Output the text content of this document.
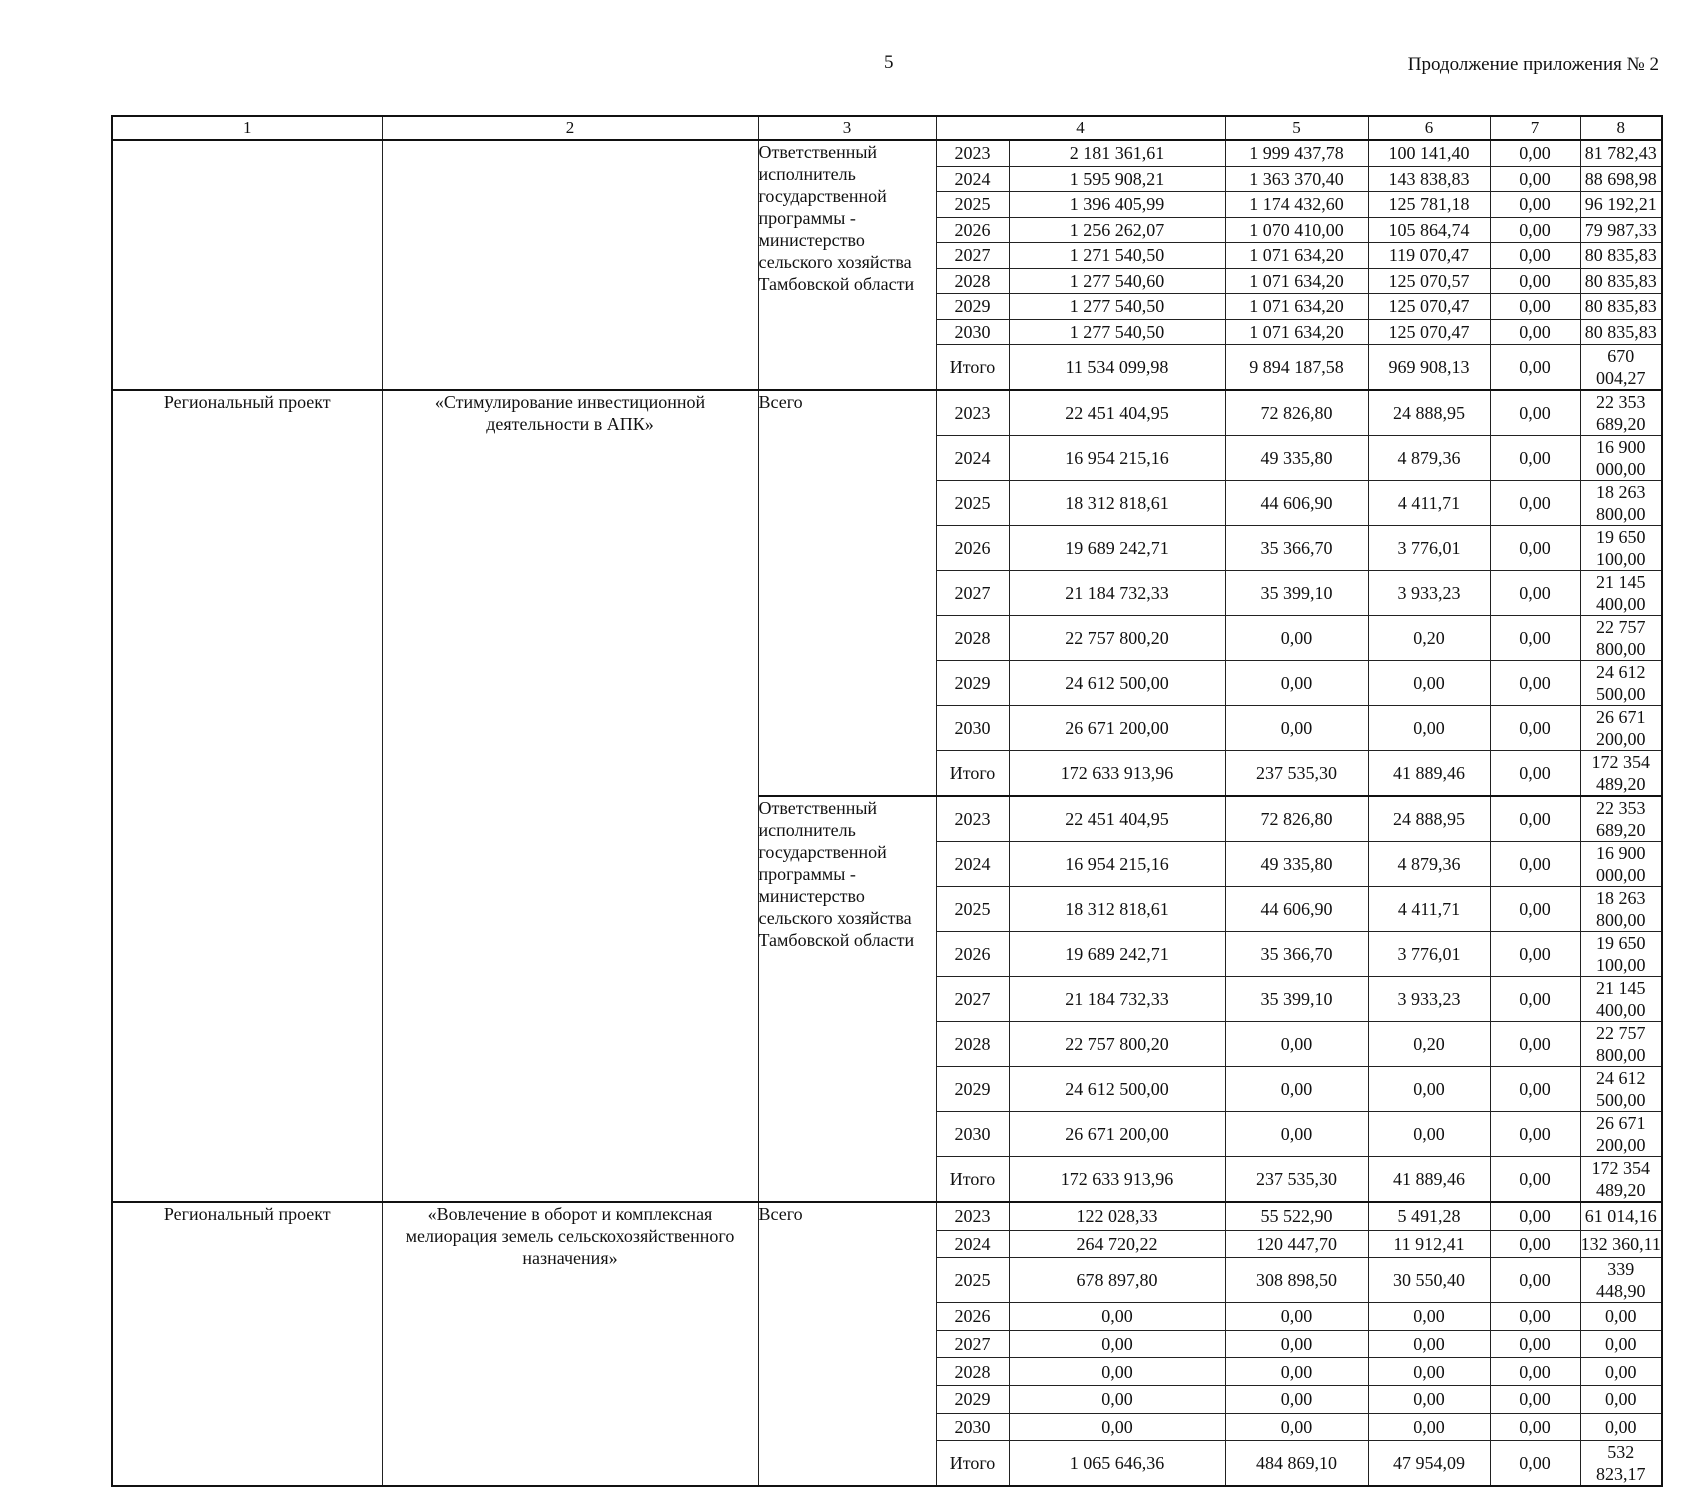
5	Продолжение приложения № 2
1	2	3	4		5	6	7	8
		Ответственный исполнитель государственной программы - министерство сельского хозяйства Тамбовской области	2023	2 181 361,61	1 999 437,78	100 141,40	0,00	81 782,43
			2024	1 595 908,21	1 363 370,40	143 838,83	0,00	88 698,98
			2025	1 396 405,99	1 174 432,60	125 781,18	0,00	96 192,21
			2026	1 256 262,07	1 070 410,00	105 864,74	0,00	79 987,33
			2027	1 271 540,50	1 071 634,20	119 070,47	0,00	80 835,83
			2028	1 277 540,60	1 071 634,20	125 070,57	0,00	80 835,83
			2029	1 277 540,50	1 071 634,20	125 070,47	0,00	80 835,83
			2030	1 277 540,50	1 071 634,20	125 070,47	0,00	80 835,83
			Итого	11 534 099,98	9 894 187,58	969 908,13	0,00	670 004,27
Региональный проект	«Стимулирование инвестиционной деятельности в АПК»	Всего	2023	22 451 404,95	72 826,80	24 888,95	0,00	22 353 689,20
			2024	16 954 215,16	49 335,80	4 879,36	0,00	16 900 000,00
			2025	18 312 818,61	44 606,90	4 411,71	0,00	18 263 800,00
			2026	19 689 242,71	35 366,70	3 776,01	0,00	19 650 100,00
			2027	21 184 732,33	35 399,10	3 933,23	0,00	21 145 400,00
			2028	22 757 800,20	0,00	0,20	0,00	22 757 800,00
			2029	24 612 500,00	0,00	0,00	0,00	24 612 500,00
			2030	26 671 200,00	0,00	0,00	0,00	26 671 200,00
			Итого	172 633 913,96	237 535,30	41 889,46	0,00	172 354 489,20
		Ответственный исполнитель государственной программы - министерство сельского хозяйства Тамбовской области	2023	22 451 404,95	72 826,80	24 888,95	0,00	22 353 689,20
			2024	16 954 215,16	49 335,80	4 879,36	0,00	16 900 000,00
			2025	18 312 818,61	44 606,90	4 411,71	0,00	18 263 800,00
			2026	19 689 242,71	35 366,70	3 776,01	0,00	19 650 100,00
			2027	21 184 732,33	35 399,10	3 933,23	0,00	21 145 400,00
			2028	22 757 800,20	0,00	0,20	0,00	22 757 800,00
			2029	24 612 500,00	0,00	0,00	0,00	24 612 500,00
			2030	26 671 200,00	0,00	0,00	0,00	26 671 200,00
			Итого	172 633 913,96	237 535,30	41 889,46	0,00	172 354 489,20
Региональный проект	«Вовлечение в оборот и комплексная мелиорация земель сельскохозяйственного назначения»	Всего	2023	122 028,33	55 522,90	5 491,28	0,00	61 014,16
			2024	264 720,22	120 447,70	11 912,41	0,00	132 360,11
			2025	678 897,80	308 898,50	30 550,40	0,00	339 448,90
			2026	0,00	0,00	0,00	0,00	0,00
			2027	0,00	0,00	0,00	0,00	0,00
			2028	0,00	0,00	0,00	0,00	0,00
			2029	0,00	0,00	0,00	0,00	0,00
			2030	0,00	0,00	0,00	0,00	0,00
			Итого	1 065 646,36	484 869,10	47 954,09	0,00	532 823,17
